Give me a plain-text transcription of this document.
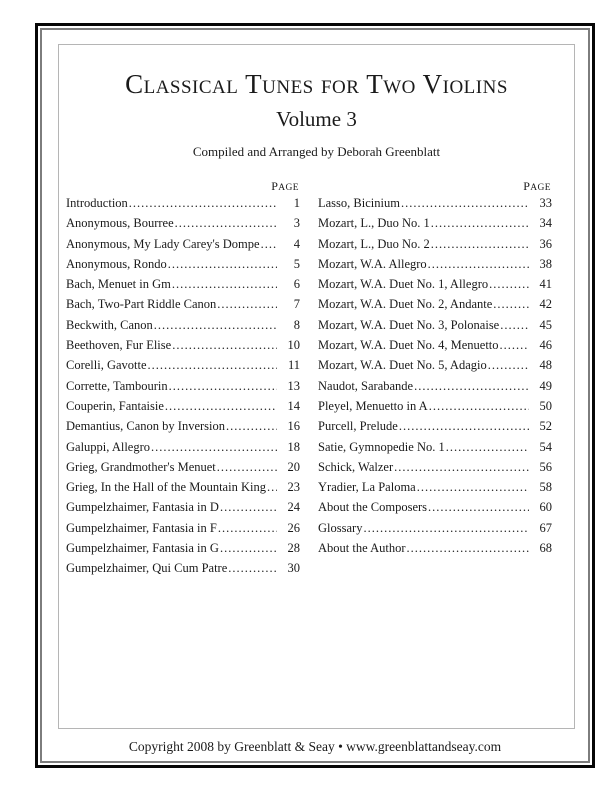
Classical Tunes for Two Violins
Volume 3
Compiled and Arranged by Deborah Greenblatt
PAGE
Introduction .....	1
Anonymous, Bourree .....	3
Anonymous, My Lady Carey's Dompe .....	4
Anonymous, Rondo .....	5
Bach, Menuet in Gm .....	6
Bach, Two-Part Riddle Canon .....	7
Beckwith, Canon .....	8
Beethoven, Fur Elise .....	10
Corelli, Gavotte .....	11
Corrette, Tambourin .....	13
Couperin, Fantaisie .....	14
Demantius, Canon by Inversion .....	16
Galuppi, Allegro .....	18
Grieg, Grandmother's Menuet .....	20
Grieg, In the Hall of the Mountain King .....	23
Gumpelzhaimer, Fantasia in D .....	24
Gumpelzhaimer, Fantasia in F .....	26
Gumpelzhaimer, Fantasia in G .....	28
Gumpelzhaimer, Qui Cum Patre .....	30
PAGE
Lasso, Bicinium .....	33
Mozart, L., Duo No. 1 .....	34
Mozart, L., Duo No. 2 .....	36
Mozart, W.A. Allegro .....	38
Mozart, W.A. Duet No. 1, Allegro .....	41
Mozart, W.A. Duet No. 2, Andante .....	42
Mozart, W.A. Duet No. 3, Polonaise .....	45
Mozart, W.A. Duet No. 4, Menuetto .....	46
Mozart, W.A. Duet No. 5, Adagio .....	48
Naudot, Sarabande .....	49
Pleyel, Menuetto in A .....	50
Purcell, Prelude .....	52
Satie, Gymnopedie No. 1 .....	54
Schick, Walzer .....	56
Yradier, La Paloma .....	58
About the Composers .....	60
Glossary .....	67
About the Author .....	68
Copyright 2008 by Greenblatt & Seay • www.greenblattandseay.com
